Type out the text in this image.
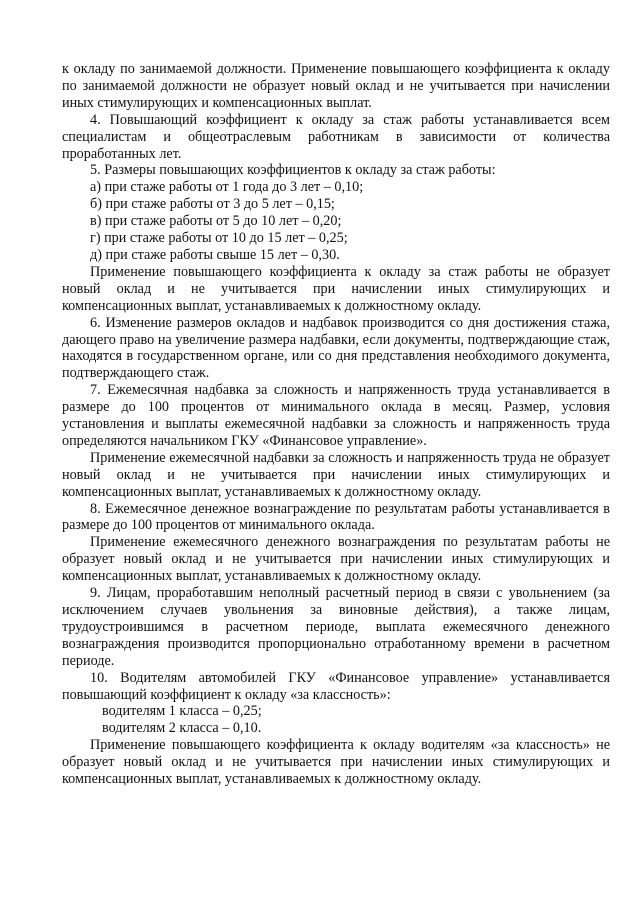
к окладу по занимаемой должности. Применение повышающего коэффициента к окладу по занимаемой должности не образует новый оклад и не учитывается при начислении иных стимулирующих и компенсационных выплат.

4. Повышающий коэффициент к окладу за стаж работы устанавливается всем специалистам и общеотраслевым работникам в зависимости от количества проработанных лет.

5. Размеры повышающих коэффициентов к окладу за стаж работы:

а) при стаже работы от 1 года до 3 лет – 0,10;

б) при стаже работы от 3 до 5 лет – 0,15;

в) при стаже работы от 5 до 10 лет – 0,20;

г) при стаже работы от 10 до 15 лет – 0,25;

д) при стаже работы свыше 15 лет – 0,30.

Применение повышающего коэффициента к окладу за стаж работы не образует новый оклад и не учитывается при начислении иных стимулирующих и компенсационных выплат, устанавливаемых к должностному окладу.

6. Изменение размеров окладов и надбавок производится со дня достижения стажа, дающего право на увеличение размера надбавки, если документы, подтверждающие стаж, находятся в государственном органе, или со дня представления необходимого документа, подтверждающего стаж.

7. Ежемесячная надбавка за сложность и напряженность труда устанавливается в размере до 100 процентов от минимального оклада в месяц. Размер, условия установления и выплаты ежемесячной надбавки за сложность и напряженность труда определяются начальником ГКУ «Финансовое управление».

Применение ежемесячной надбавки за сложность и напряженность труда не образует новый оклад и не учитывается при начислении иных стимулирующих и компенсационных выплат, устанавливаемых к должностному окладу.

8. Ежемесячное денежное вознаграждение по результатам работы устанавливается в размере до 100 процентов от минимального оклада.

Применение ежемесячного денежного вознаграждения по результатам работы не образует новый оклад и не учитывается при начислении иных стимулирующих и компенсационных выплат, устанавливаемых к должностному окладу.

9. Лицам, проработавшим неполный расчетный период в связи с увольнением (за исключением случаев увольнения за виновные действия), а также лицам, трудоустроившимся в расчетном периоде, выплата ежемесячного денежного вознаграждения производится пропорционально отработанному времени в расчетном периоде.

10. Водителям автомобилей ГКУ «Финансовое управление» устанавливается повышающий коэффициент к окладу «за классность»:

водителям 1 класса – 0,25;

водителям 2 класса – 0,10.

Применение повышающего коэффициента к окладу водителям «за классность» не образует новый оклад и не учитывается при начислении иных стимулирующих и компенсационных выплат, устанавливаемых к должностному окладу.
